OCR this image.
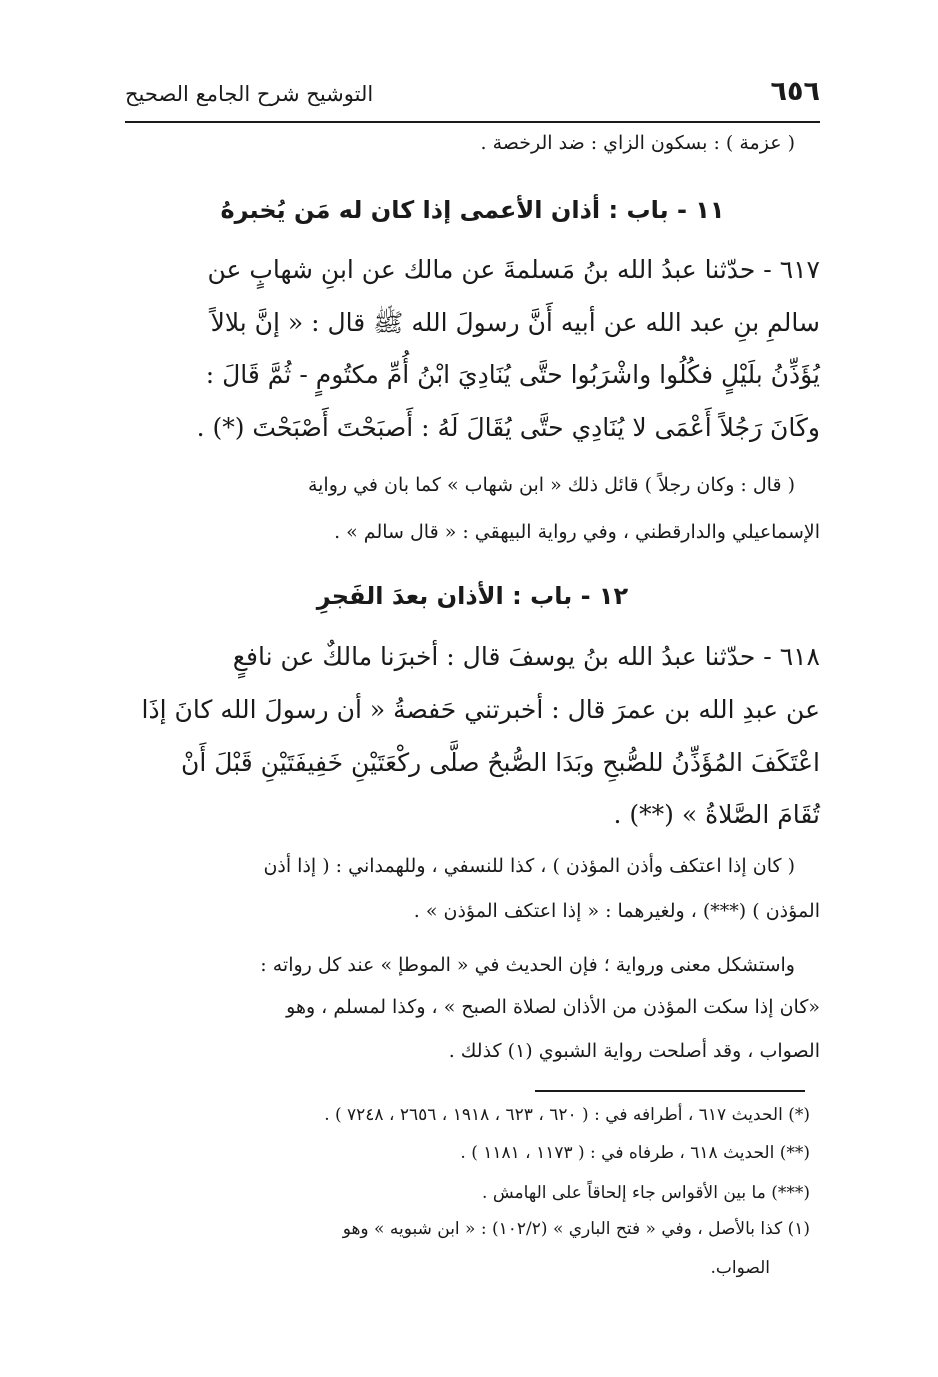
٦٥٦
التوشيح شرح الجامع الصحيح
( عزمة ) : بسكون الزاي : ضد الرخصة .
١١ - باب : أذان الأعمى إذا كان له مَن يُخبرهُ
٦١٧ - حدّثنا عبدُ الله بنُ مَسلمةَ عن مالك عن ابنِ شهابٍ عن
سالمِ بنِ عبد الله عن أبيه أَنَّ رسولَ الله ﷺ قال : « إنَّ بلالاً
يُؤَذِّنُ بلَيْلٍ فكُلُوا واشْرَبُوا حتَّى يُنَادِيَ ابْنُ أُمِّ مكتُومٍ - ثُمَّ قَالَ :
وكَانَ رَجُلاً أَعْمَى لا يُنَادِي حتَّى يُقَالَ لَهُ : أَصبَحْتَ أَصْبَحْتَ (*) .
( قال : وكان رجلاً ) قائل ذلك « ابن شهاب » كما بان في رواية
الإسماعيلي والدارقطني ، وفي رواية البيهقي : « قال سالم » .
١٢ - باب : الأذان بعدَ الفَجرِ
٦١٨ - حدّثنا عبدُ الله بنُ يوسفَ قال : أخبرَنا مالكٌ عن نافعٍ
عن عبدِ الله بن عمرَ قال : أخبرتني حَفصةُ « أن رسولَ الله كانَ إذَا
اعْتَكَفَ المُؤَذِّنُ للصُّبحِ وبَدَا الصُّبحُ صلَّى ركْعَتَيْنِ خَفِيفَتَيْنِ قَبْلَ أَنْ
تُقَامَ الصَّلاةُ » (**) .
( كان إذا اعتكف وأذن المؤذن ) ، كذا للنسفي ، وللهمداني : ( إذا أذن
المؤذن ) (***) ، ولغيرهما : « إذا اعتكف المؤذن » .
واستشكل معنى ورواية ؛ فإن الحديث في « الموطإ » عند كل رواته :
«كان إذا سكت المؤذن من الأذان لصلاة الصبح » ، وكذا لمسلم ، وهو
الصواب ، وقد أصلحت رواية الشبوي (١) كذلك .
(*) الحديث ٦١٧ ، أطرافه في : ( ٦٢٠ ، ٦٢٣ ، ١٩١٨ ، ٢٦٥٦ ، ٧٢٤٨ ) .
(**) الحديث ٦١٨ ، طرفاه في : ( ١١٧٣ ، ١١٨١ ) .
(***) ما بين الأقواس جاء إلحاقاً على الهامش .
(١) كذا بالأصل ، وفي « فتح الباري » (١٠٢/٢) : « ابن شبويه » وهو
الصواب.
